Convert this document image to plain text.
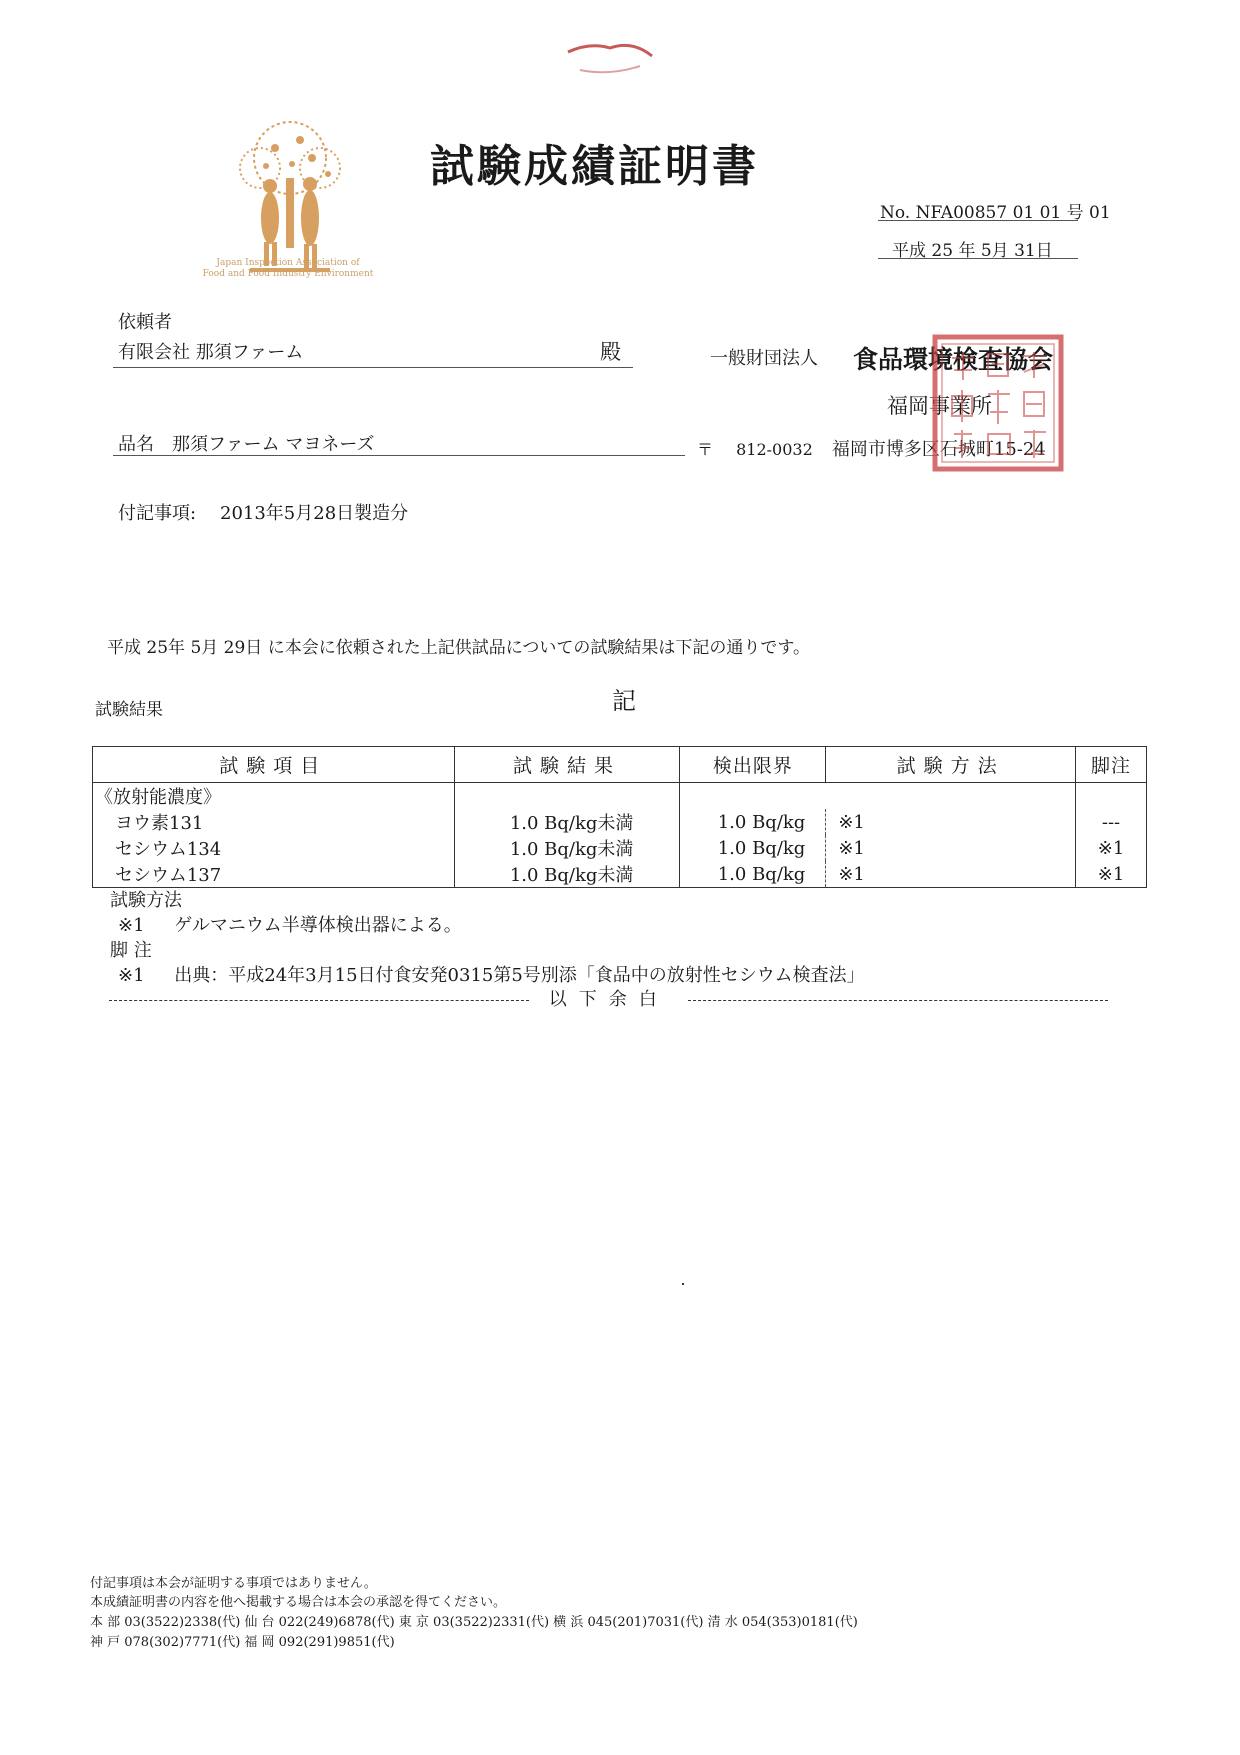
Japan Inspection Association of
Food and Food Industry Environment
試験成績証明書
No. NFA00857 01 01 号 01
平成 25 年 5月 31日
依頼者
有限会社 那須ファーム	殿
品名 那須ファーム マヨネーズ
付記事項: 2013年5月28日製造分
一般財団法人 食品環境検査協会
福岡事業所
〒 812-0032 福岡市博多区石城町15-24
平成 25年 5月 29日 に本会に依頼された上記供試品についての試験結果は下記の通りです。
試験結果	記
試験項目	試験結果	検出限界	試験方法	脚注
《放射能濃度》				
ヨウ素131	1.0 Bq/kg未満	1.0 Bq/kg	※1	---
セシウム134	1.0 Bq/kg未満	1.0 Bq/kg	※1	※1
セシウム137	1.0 Bq/kg未満	1.0 Bq/kg	※1	※1
試験方法
※1 ゲルマニウム半導体検出器による。
脚 注
※1 出典：平成24年3月15日付食安発0315第5号別添「食品中の放射性セシウム検査法」
以下余白
付記事項は本会が証明する事項ではありません。
本成績証明書の内容を他へ掲載する場合は本会の承認を得てください。
本 部 03(3522)2338(代) 仙 台 022(249)6878(代) 東 京 03(3522)2331(代) 横 浜 045(201)7031(代) 清 水 054(353)0181(代)
神 戸 078(302)7771(代) 福 岡 092(291)9851(代)
